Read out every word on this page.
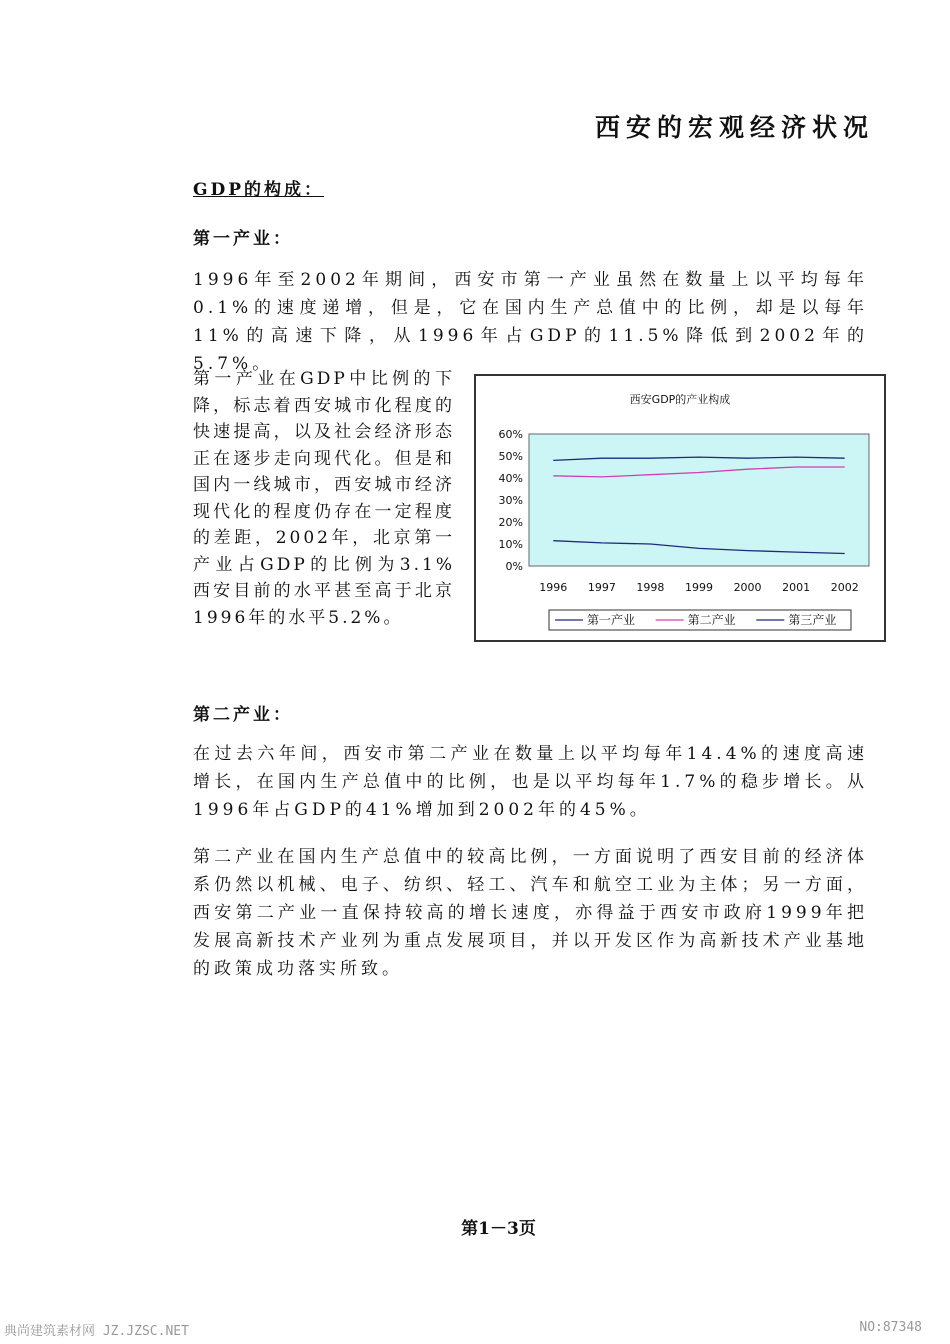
西安的宏观经济状况
GDP的构成：
第一产业：
1996年至2002年期间，西安市第一产业虽然在数量上以平均每年0.1%的速度递增，但是，它在国内生产总值中的比例，却是以每年11%的高速下降，从1996年占GDP的11.5%降低到2002年的5.7%。
第一产业在GDP中比例的下降，标志着西安城市化程度的快速提高，以及社会经济形态正在逐步走向现代化。但是和国内一线城市，西安城市经济现代化的程度仍存在一定程度的差距，2002年，北京第一产业占GDP的比例为3.1%西安目前的水平甚至高于北京1996年的水平5.2%。
西安GDP的产业构成
0%
10%
20%
30%
40%
50%
60%
1996 1997 1998 1999 2000 2001 2002
第一产业	第二产业	第三产业
第二产业：
在过去六年间，西安市第二产业在数量上以平均每年14.4%的速度高速增长，在国内生产总值中的比例，也是以平均每年1.7%的稳步增长。从1996年占GDP的41%增加到2002年的45%。
第二产业在国内生产总值中的较高比例，一方面说明了西安目前的经济体系仍然以机械、电子、纺织、轻工、汽车和航空工业为主体；另一方面，西安第二产业一直保持较高的增长速度，亦得益于西安市政府1999年把发展高新技术产业列为重点发展项目，并以开发区作为高新技术产业基地的政策成功落实所致。
第1－3页
典尚建筑素材网 JZ.JZSC.NET	NO:87348
